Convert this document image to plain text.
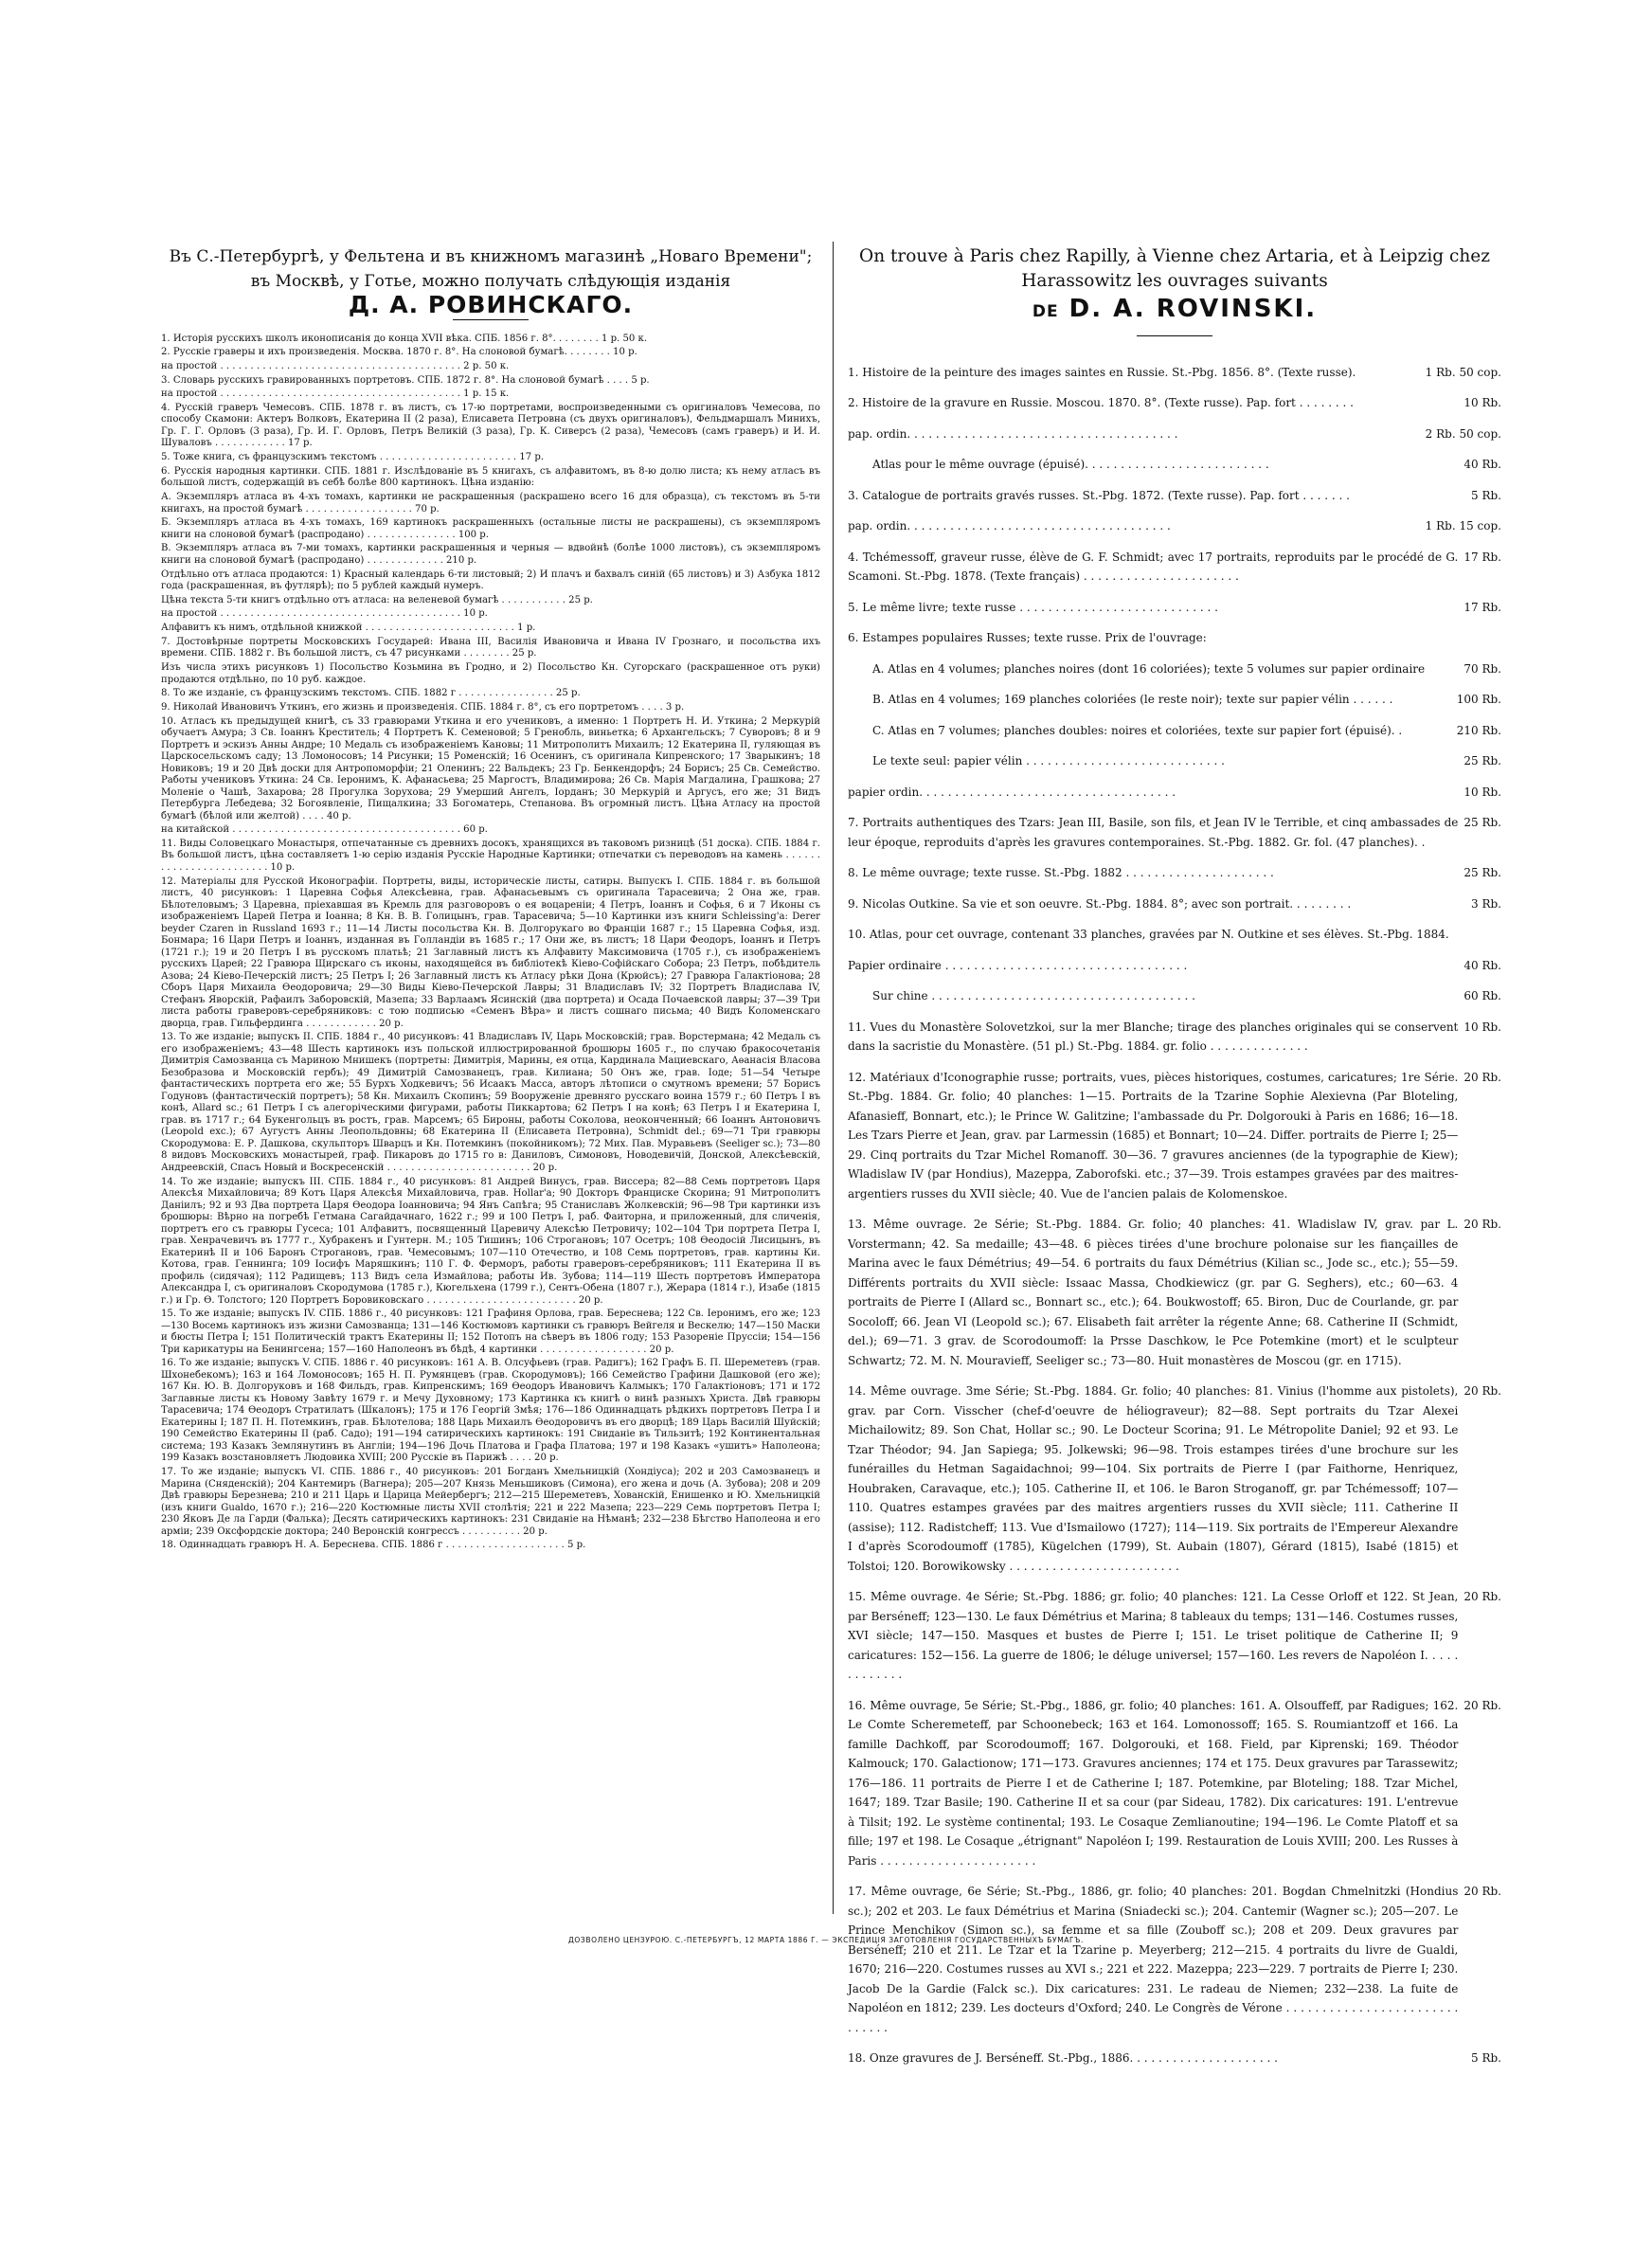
Въ С.-Петербургѣ, у Фельтена и въ книжномъ магазинѣ „Новаго Времени"; въ Москвѣ, у Готье, можно получать слѣдующія изданія

Д. А. РОВИНСКАГО.

1. Исторія русскихъ школъ иконописанія до конца XVII вѣка. СПБ. 1856 г. 8°. . . . . . . . 1 р. 50 к.

2. Русскіе граверы и ихъ произведенія. Москва. 1870 г. 8°. На слоновой бумагѣ. . . . . . . . 10 р.

на простой . . . . . . . . . . . . . . . . . . . . . . . . . . . . . . . . . . . . . . . . 2 р. 50 к.

3. Словарь русскихъ гравированныхъ портретовъ. СПБ. 1872 г. 8°. На слоновой бумагѣ . . . . 5 р.

на простой . . . . . . . . . . . . . . . . . . . . . . . . . . . . . . . . . . . . . . . . 1 р. 15 к.

4. Русскій граверъ Чемесовъ. СПБ. 1878 г. въ листъ, съ 17-ю портретами, воспроизведенными съ оригиналовъ Чемесова, по способу Скамони: Актеръ Волковъ, Екатерина II (2 раза), Елисавета Петровна (съ двухъ оригиналовъ), Фельдмаршалъ Минихъ, Гр. Г. Г. Орловъ (3 раза), Гр. И. Г. Орловъ, Петръ Великій (3 раза), Гр. К. Сиверсъ (2 раза), Чемесовъ (самъ граверъ) и И. И. Шуваловъ . . . . . . . . . . . . 17 р.

5. Тоже книга, съ французскимъ текстомъ . . . . . . . . . . . . . . . . . . . . . . . 17 р.

6. Русскія народныя картинки. СПБ. 1881 г. Изслѣдованіе въ 5 книгахъ, съ алфавитомъ, въ 8-ю долю листа; къ нему атласъ въ большой листъ, содержащій въ себѣ болѣе 800 картинокъ. Цѣна изданію:

А. Экземпляръ атласа въ 4-хъ томахъ, картинки не раскрашенныя (раскрашено всего 16 для образца), съ текстомъ въ 5-ти книгахъ, на простой бумагѣ . . . . . . . . . . . . . . . . . . 70 р.

Б. Экземпляръ атласа въ 4-хъ томахъ, 169 картинокъ раскрашенныхъ (остальные листы не раскрашены), съ экземпляромъ книги на слоновой бумагѣ (распродано) . . . . . . . . . . . . . . . 100 р.

В. Экземпляръ атласа въ 7-ми томахъ, картинки раскрашенныя и черныя — вдвойнѣ (болѣе 1000 листовъ), съ экземпляромъ книги на слоновой бумагѣ (распродано) . . . . . . . . . . . . . 210 р.

Отдѣльно отъ атласа продаются: 1) Красный календарь 6-ти листовый; 2) И плачъ и бахвалъ синій (65 листовъ) и 3) Азбука 1812 года (раскрашенная, въ футлярѣ); по 5 рублей каждый нумеръ.

Цѣна текста 5-ти книгъ отдѣльно отъ атласа: на веленевой бумагѣ . . . . . . . . . . . 25 р.

на простой . . . . . . . . . . . . . . . . . . . . . . . . . . . . . . . . . . . . . . . . 10 р.

Алфавитъ къ нимъ, отдѣльной книжкой . . . . . . . . . . . . . . . . . . . . . . . . . 1 р.

7. Достовѣрные портреты Московскихъ Государей: Ивана III, Василія Ивановича и Ивана IV Грознаго, и посольства ихъ времени. СПБ. 1882 г. Въ большой листъ, съ 47 рисунками . . . . . . . . 25 р.

Изъ числа этихъ рисунковъ 1) Посольство Козьмина въ Гродно, и 2) Посольство Кн. Сугорскаго (раскрашенное отъ руки) продаются отдѣльно, по 10 руб. каждое.

8. То же изданіе, съ французскимъ текстомъ. СПБ. 1882 г . . . . . . . . . . . . . . . . 25 р.

9. Николай Ивановичъ Уткинъ, его жизнь и произведенія. СПБ. 1884 г. 8°, съ его портретомъ . . . . 3 р.

10. Атласъ къ предыдущей книгѣ, съ 33 гравюрами Уткина и его учениковъ, а именно: 1 Портретъ Н. И. Уткина; 2 Меркурій обучаетъ Амура; 3 Св. Іоаннъ Креститель; 4 Портретъ К. Семеновой; 5 Гренобль, виньетка; 6 Архангельскъ; 7 Суворовъ; 8 и 9 Портретъ и эскизъ Анны Андре; 10 Медаль съ изображеніемъ Кановы; 11 Митрополитъ Михаилъ; 12 Екатерина II, гуляющая въ Царскосельскомъ саду; 13 Ломоносовъ; 14 Рисунки; 15 Роменскій; 16 Осенинъ, съ оригинала Кипренского; 17 Зварыкинъ; 18 Новиковъ; 19 и 20 Двѣ доски для Антропоморфіи; 21 Оленинъ; 22 Вальдекъ; 23 Гр. Бенкендорфъ; 24 Борисъ; 25 Св. Семейство. Работы учениковъ Уткина: 24 Св. Іеронимъ, К. Афанасьева; 25 Маргостъ, Владимирова; 26 Св. Марія Магдалина, Грашкова; 27 Моленіе о Чашѣ, Захарова; 28 Прогулка Зорухова; 29 Умерший Ангелъ, Іорданъ; 30 Меркурій и Аргусъ, его же; 31 Видъ Петербурга Лебедева; 32 Богоявленіе, Пищалкина; 33 Богоматерь, Степанова. Въ огромный листъ. Цѣна Атласу на простой бумагѣ (бѣлой или желтой) . . . . 40 р.

на китайской . . . . . . . . . . . . . . . . . . . . . . . . . . . . . . . . . . . . . . 60 р.

11. Виды Соловецкаго Монастыря, отпечатанные съ древнихъ досокъ, хранящихся въ таковомъ ризницѣ (51 доска). СПБ. 1884 г. Въ большой листъ, цѣна составляетъ 1-ю серію изданія Русскіе Народные Картинки; отпечатки съ переводовъ на камень . . . . . . . . . . . . . . . . . . . . . . . . 10 р.

12. Матеріалы для Русской Иконографіи. Портреты, виды, историческіе листы, сатиры. Выпускъ I. СПБ. 1884 г. въ большой листъ, 40 рисунковъ: 1 Царевна Софья Алексѣевна, грав. Афанасьевымъ съ оригинала Тарасевича; 2 Она же, грав. Бѣлотеловымъ; 3 Царевна, пріехавшая въ Кремль для разговоровъ о ея воцареніи; 4 Петръ, Іоаннъ и Софья, 6 и 7 Иконы съ изображеніемъ Царей Петра и Іоанна; 8 Кн. В. В. Голицынъ, грав. Тарасевича; 5—10 Картинки изъ книги Schleissing'a: Derer beyder Czaren in Russland 1693 г.; 11—14 Листы посольства Кн. В. Долгорукаго во Франціи 1687 г.; 15 Царевна Софья, изд. Бонмара; 16 Цари Петръ и Іоаннъ, изданная въ Голландіи въ 1685 г.; 17 Они же, въ листъ; 18 Цари Феодоръ, Іоаннъ и Петръ (1721 г.); 19 и 20 Петръ I въ русскомъ платьѣ; 21 Заглавный листъ къ Алфавиту Максимовича (1705 г.), съ изображеніемъ русскихъ Царей; 22 Гравюра Щирскаго съ иконы, находящейся въ библіотекѣ Кіево-Софійскаго Собора; 23 Петръ, побѣдитель Азова; 24 Кіево-Печерскій листъ; 25 Петръ I; 26 Заглавный листъ къ Атласу рѣки Дона (Крюйсъ); 27 Гравюра Галактіонова; 28 Сборъ Царя Михаила Ѳеодоровича; 29—30 Виды Кіево-Печерской Лавры; 31 Владиславъ IV; 32 Портретъ Владислава IV, Стефанъ Яворскій, Рафаилъ Заборовскій, Мазепа; 33 Варлаамъ Ясинскій (два портрета) и Осада Почаевской лавры; 37—39 Три листа работы граверовъ-серебряниковъ: с тою подписью «Семенъ Вѣра» и листъ сошнаго письма; 40 Видъ Коломенскаго дворца, грав. Гильфердинга . . . . . . . . . . . . 20 р.

13. То же изданіе; выпускъ II. СПБ. 1884 г., 40 рисунковъ: 41 Владиславъ IV, Царь Московскій; грав. Ворстермана; 42 Медаль съ его изображеніемъ; 43—48 Шесть картинокъ изъ польской иллюстрированной брошюры 1605 г., по случаю бракосочетанія Димитрія Самозванца съ Мариною Мнишекъ (портреты: Димитрія, Марины, ея отца, Кардинала Мациевскаго, Аѳанасія Власова Безобразова и Московскій гербъ); 49 Димитрій Самозванецъ, грав. Килиана; 50 Онъ же, грав. Іоде; 51—54 Четыре фантастическихъ портрета его же; 55 Бурхъ Ходкевичъ; 56 Исаакъ Масса, авторъ лѣтописи о смутномъ времени; 57 Борисъ Годуновъ (фантастическій портретъ); 58 Кн. Михаилъ Скопинъ; 59 Вооруженіе древняго русскаго воина 1579 г.; 60 Петръ I въ конѣ, Allard sc.; 61 Петръ I съ алегоріческими фигурами, работы Пиккартова; 62 Петръ I на конѣ; 63 Петръ I и Екатерина I, грав. въ 1717 г.; 64 Букенгольцъ въ ростъ, грав. Марсемъ; 65 Бироны, работы Соколова, неоконченный; 66 Іоаннъ Антоновичъ (Leopold exc.); 67 Аугустъ Анны Леопольдовны; 68 Екатерина II (Елисавета Петровна), Schmidt del.; 69—71 Три гравюры Скородумова: Е. Р. Дашкова, скульпторъ Шварцъ и Кн. Потемкинъ (покойникомъ); 72 Мих. Пав. Муравьевъ (Seeliger sc.); 73—80 8 видовъ Московскихъ монастырей, граф. Пикаровъ до 1715 го в: Даниловъ, Симоновъ, Новодевичій, Донской, Алексѣевскій, Андреевскій, Спасъ Новый и Воскресенскій . . . . . . . . . . . . . . . . . . . . . . . . 20 р.

14. То же изданіе; выпускъ III. СПБ. 1884 г., 40 рисунковъ: 81 Андрей Винусъ, грав. Виссера; 82—88 Семь портретовъ Царя Алексѣя Михайловича; 89 Котъ Царя Алексѣя Михайловича, грав. Hollar'a; 90 Докторъ Франциске Скорина; 91 Митрополитъ Даніилъ; 92 и 93 Два портрета Царя Ѳеодора Іоанновича; 94 Янъ Сапѣга; 95 Станиславъ Жолкевскій; 96—98 Три картинки изъ брошюры: Вѣрно на погребѣ Гетмана Сагайдачнаго, 1622 г.; 99 и 100 Петръ I, раб. Фаиторна, и приложенный, для сличенія, портретъ его съ гравюры Гусеса; 101 Алфавитъ, посвященный Царевичу Алексѣю Петровичу; 102—104 Три портрета Петра I, грав. Хенрачевичъ въ 1777 г., Хубракенъ и Гунтерн. М.; 105 Тишинъ; 106 Строгановъ; 107 Осетръ; 108 Ѳеодосій Лисицынъ, въ Екатеринѣ II и 106 Баронъ Строгановъ, грав. Чемесовымъ; 107—110 Отечество, и 108 Семь портретовъ, грав. картины Ки. Котова, грав. Геннинга; 109 Іосифъ Маряшкинъ; 110 Г. Ф. Ферморъ, работы граверовъ-серебряниковъ; 111 Екатерина II въ профиль (сидячая); 112 Радищевъ; 113 Видъ села Измайлова; работы Ив. Зубова; 114—119 Шесть портретовъ Императора Александра I, съ оригиналовъ Скородумова (1785 г.), Кюгельхена (1799 г.), Сентъ-Обена (1807 г.), Жерара (1814 г.), Изабе (1815 г.) и Гр. Ѳ. Толстого; 120 Портретъ Боровиковскаго . . . . . . . . . . . . . . . . . . . . . . . . . 20 р.

15. То же изданіе; выпускъ IV. СПБ. 1886 г., 40 рисунковъ: 121 Графиня Орлова, грав. Береснева; 122 Св. Іеронимъ, его же; 123—130 Восемь картинокъ изъ жизни Самозванца; 131—146 Костюмовъ картинки съ гравюръ Вейгеля и Вескелю; 147—150 Маски и бюсты Петра I; 151 Политическій трактъ Екатерины II; 152 Потопъ на сѣверъ въ 1806 году; 153 Разореніе Пруссіи; 154—156 Три карикатуры на Бенингсена; 157—160 Наполеонъ въ бѣдѣ, 4 картинки . . . . . . . . . . . . . . . . . . 20 р.

16. То же изданіе; выпускъ V. СПБ. 1886 г. 40 рисунковъ: 161 А. В. Олсуфьевъ (грав. Радигъ); 162 Графъ Б. П. Шереметевъ (грав. Шхонебекомъ); 163 и 164 Ломоносовъ; 165 Н. П. Румянцевъ (грав. Скородумовъ); 166 Семейство Графини Дашковой (его же); 167 Кн. Ю. В. Долгоруковъ и 168 Фильдъ, грав. Кипренскимъ; 169 Ѳеодоръ Ивановичъ Калмыкъ; 170 Галактіоновъ; 171 и 172 Заглавные листы къ Новому Завѣту 1679 г. и Мечу Духовному; 173 Картинка къ книгѣ о винѣ разныхъ Христа. Двѣ гравюры Тарасевича; 174 Ѳеодоръ Стратилатъ (Шкалонъ); 175 и 176 Георгій Змѣя; 176—186 Одиннадцать рѣдкихъ портретовъ Петра I и Екатерины I; 187 П. Н. Потемкинъ, грав. Бѣлотелова; 188 Царь Михаилъ Ѳеодоровичъ въ его дворцѣ; 189 Царь Василій Шуйскій; 190 Семейство Екатерины II (раб. Садо); 191—194 сатирическихъ картинокъ: 191 Свиданіе въ Тильзитѣ; 192 Континентальная система; 193 Казакъ Землянутинъ въ Англіи; 194—196 Дочь Платова и Графа Платова; 197 и 198 Казакъ «ушитъ» Наполеона; 199 Казакъ возстановляетъ Людовика XVIII; 200 Русскіе въ Парижѣ . . . . 20 р.

17. То же изданіе; выпускъ VI. СПБ. 1886 г., 40 рисунковъ: 201 Богданъ Хмельницкій (Хондіуса); 202 и 203 Самозванецъ и Марина (Сняденскій); 204 Кантемиръ (Вагнера); 205—207 Князь Меньшиковъ (Симона), его жена и дочь (А. Зубова); 208 и 209 Двѣ гравюры Березнева; 210 и 211 Царь и Царица Мейербергъ; 212—215 Шереметевъ, Хованскій, Енишенко и Ю. Хмельницкій (изъ книги Gualdo, 1670 г.); 216—220 Костюмные листы XVII столѣтія; 221 и 222 Мазепа; 223—229 Семь портретовъ Петра I; 230 Яковъ Де ла Гарди (Фалька); Десять сатирическихъ картинокъ: 231 Свиданіе на Нѣманѣ; 232—238 Бѣгство Наполеона и его арміи; 239 Оксфордскіе доктора; 240 Веронскій конгрессъ . . . . . . . . . . 20 р.

18. Одиннадцать гравюръ Н. А. Береснева. СПБ. 1886 г . . . . . . . . . . . . . . . . . . . . 5 р.

On trouve à Paris chez Rapilly, à Vienne chez Artaria, et à Leipzig chez Harassowitz les ouvrages suivants

DE D. A. ROVINSKI.

1. Histoire de la peinture des images saintes en Russie. St.-Pbg. 1856. 8°. (Texte russe).	1 Rb. 50 cop.
2. Histoire de la gravure en Russie. Moscou. 1870. 8°. (Texte russe). Pap. fort . . . . . . . .	10 Rb.
pap. ordin. . . . . . . . . . . . . . . . . . . . . . . . . . . . . . . . . . . . . .	2 Rb. 50 cop.
Atlas pour le même ouvrage (épuisé). . . . . . . . . . . . . . . . . . . . . . . . . .	40 Rb.
3. Catalogue de portraits gravés russes. St.-Pbg. 1872. (Texte russe). Pap. fort . . . . . . .	5 Rb.
pap. ordin. . . . . . . . . . . . . . . . . . . . . . . . . . . . . . . . . . . . .	1 Rb. 15 cop.
4. Tchémessoff, graveur russe, élève de G. F. Schmidt; avec 17 portraits, reproduits par le procédé de G. Scamoni. St.-Pbg. 1878. (Texte français) . . . . . . . . . . . . . . . . . . . . . .
17 Rb.
5. Le même livre; texte russe . . . . . . . . . . . . . . . . . . . . . . . . . . . .	17 Rb.
6. Estampes populaires Russes; texte russe. Prix de l'ouvrage:
A. Atlas en 4 volumes; planches noires (dont 16 coloriées); texte 5 volumes sur papier ordinaire	70 Rb.
B. Atlas en 4 volumes; 169 planches coloriées (le reste noir); texte sur papier vélin . . . . . .	100 Rb.
C. Atlas en 7 volumes; planches doubles: noires et coloriées, texte sur papier fort (épuisé). .	210 Rb.
Le texte seul: papier vélin . . . . . . . . . . . . . . . . . . . . . . . . . . . .	25 Rb.
papier ordin. . . . . . . . . . . . . . . . . . . . . . . . . . . . . . . . . . . .	10 Rb.
7. Portraits authentiques des Tzars: Jean III, Basile, son fils, et Jean IV le Terrible, et cinq ambassades de leur époque, reproduits d'après les gravures contemporaines. St.-Pbg. 1882. Gr. fol. (47 planches). .
25 Rb.
8. Le même ouvrage; texte russe. St.-Pbg. 1882 . . . . . . . . . . . . . . . . . . . . .	25 Rb.
9. Nicolas Outkine. Sa vie et son oeuvre. St.-Pbg. 1884. 8°; avec son portrait. . . . . . . . .	3 Rb.
10. Atlas, pour cet ouvrage, contenant 33 planches, gravées par N. Outkine et ses élèves. St.-Pbg. 1884.
Papier ordinaire . . . . . . . . . . . . . . . . . . . . . . . . . . . . . . . . . .	40 Rb.
Sur chine . . . . . . . . . . . . . . . . . . . . . . . . . . . . . . . . . . . . .	60 Rb.
11. Vues du Monastère Solovetzkoi, sur la mer Blanche; tirage des planches originales qui se conservent dans la sacristie du Monastère. (51 pl.) St.-Pbg. 1884. gr. folio . . . . . . . . . . . . . .
10 Rb.
12. Matériaux d'Iconographie russe; portraits, vues, pièces historiques, costumes, caricatures; 1re Série. St.-Pbg. 1884. Gr. folio; 40 planches: 1—15. Portraits de la Tzarine Sophie Alexievna (Par Bloteling, Afanasieff, Bonnart, etc.); le Prince W. Galitzine; l'ambassade du Pr. Dolgorouki à Paris en 1686; 16—18. Les Tzars Pierre et Jean, grav. par Larmessin (1685) et Bonnart; 10—24. Differ. portraits de Pierre I; 25—29. Cinq portraits du Tzar Michel Romanoff. 30—36. 7 gravures anciennes (de la typographie de Kiew); Wladislaw IV (par Hondius), Mazeppa, Zaborofski. etc.; 37—39. Trois estampes gravées par des maitres-argentiers russes du XVII siècle; 40. Vue de l'ancien palais de Kolomenskoe.
20 Rb.
13. Même ouvrage. 2e Série; St.-Pbg. 1884. Gr. folio; 40 planches: 41. Wladislaw IV, grav. par L. Vorstermann; 42. Sa medaille; 43—48. 6 pièces tirées d'une brochure polonaise sur les fiançailles de Marina avec le faux Démétrius; 49—54. 6 portraits du faux Démétrius (Kilian sc., Jode sc., etc.); 55—59. Différents portraits du XVII siècle: Issaac Massa, Chodkiewicz (gr. par G. Seghers), etc.; 60—63. 4 portraits de Pierre I (Allard sc., Bonnart sc., etc.); 64. Boukwostoff; 65. Biron, Duc de Courlande, gr. par Socoloff; 66. Jean VI (Leopold sc.); 67. Elisabeth fait arrêter la régente Anne; 68. Catherine II (Schmidt, del.); 69—71. 3 grav. de Scorodoumoff: la Prsse Daschkow, le Pce Potemkine (mort) et le sculpteur Schwartz; 72. M. N. Mouravieff, Seeliger sc.; 73—80. Huit monastères de Moscou (gr. en 1715).
20 Rb.
14. Même ouvrage. 3me Série; St.-Pbg. 1884. Gr. folio; 40 planches: 81. Vinius (l'homme aux pistolets), grav. par Corn. Visscher (chef-d'oeuvre de héliograveur); 82—88. Sept portraits du Tzar Alexei Michailowitz; 89. Son Chat, Hollar sc.; 90. Le Docteur Scorina; 91. Le Métropolite Daniel; 92 et 93. Le Tzar Théodor; 94. Jan Sapiega; 95. Jolkewski; 96—98. Trois estampes tirées d'une brochure sur les funérailles du Hetman Sagaidachnoi; 99—104. Six portraits de Pierre I (par Faithorne, Henriquez, Houbraken, Caravaque, etc.); 105. Catherine II, et 106. le Baron Stroganoff, gr. par Tchémessoff; 107—110. Quatres estampes gravées par des maitres argentiers russes du XVII siècle; 111. Catherine II (assise); 112. Radistcheff; 113. Vue d'Ismailowo (1727); 114—119. Six portraits de l'Empereur Alexandre I d'après Scorodoumoff (1785), Kügelchen (1799), St. Aubain (1807), Gérard (1815), Isabé (1815) et Tolstoi; 120. Borowikowsky . . . . . . . . . . . . . . . . . . . . . . . .
20 Rb.
15. Même ouvrage. 4e Série; St.-Pbg. 1886; gr. folio; 40 planches: 121. La Cesse Orloff et 122. St Jean, par Berséneff; 123—130. Le faux Démétrius et Marina; 8 tableaux du temps; 131—146. Costumes russes, XVI siècle; 147—150. Masques et bustes de Pierre I; 151. Le triset politique de Catherine II; 9 caricatures: 152—156. La guerre de 1806; le déluge universel; 157—160. Les revers de Napoléon I. . . . . . . . . . . . .
20 Rb.
16. Même ouvrage, 5e Série; St.-Pbg., 1886, gr. folio; 40 planches: 161. A. Olsouffeff, par Radigues; 162. Le Comte Scheremeteff, par Schoonebeck; 163 et 164. Lomonossoff; 165. S. Roumiantzoff et 166. La famille Dachkoff, par Scorodoumoff; 167. Dolgorouki, et 168. Field, par Kiprenski; 169. Théodor Kalmouck; 170. Galactionow; 171—173. Gravures anciennes; 174 et 175. Deux gravures par Tarassewitz; 176—186. 11 portraits de Pierre I et de Catherine I; 187. Potemkine, par Bloteling; 188. Tzar Michel, 1647; 189. Tzar Basile; 190. Catherine II et sa cour (par Sideau, 1782). Dix caricatures: 191. L'entrevue à Tilsit; 192. Le système continental; 193. Le Cosaque Zemlianoutine; 194—196. Le Comte Platoff et sa fille; 197 et 198. Le Cosaque „étrignant" Napoléon I; 199. Restauration de Louis XVIII; 200. Les Russes à Paris . . . . . . . . . . . . . . . . . . . . . .
20 Rb.
17. Même ouvrage, 6e Série; St.-Pbg., 1886, gr. folio; 40 planches: 201. Bogdan Chmelnitzki (Hondius sc.); 202 et 203. Le faux Démétrius et Marina (Sniadecki sc.); 204. Cantemir (Wagner sc.); 205—207. Le Prince Menchikov (Simon sc.), sa femme et sa fille (Zouboff sc.); 208 et 209. Deux gravures par Berséneff; 210 et 211. Le Tzar et la Tzarine p. Meyerberg; 212—215. 4 portraits du livre de Gualdi, 1670; 216—220. Costumes russes au XVI s.; 221 et 222. Mazeppa; 223—229. 7 portraits de Pierre I; 230. Jacob De la Gardie (Falck sc.). Dix caricatures: 231. Le radeau de Niemen; 232—238. La fuite de Napoléon en 1812; 239. Les docteurs d'Oxford; 240. Le Congrès de Vérone . . . . . . . . . . . . . . . . . . . . . . . . . . . . . .
20 Rb.
18. Onze gravures de J. Berséneff. St.-Pbg., 1886. . . . . . . . . . . . . . . . . . . . .	5 Rb.
ДОЗВОЛЕНО ЦЕНЗУРОЮ. С.-ПЕТЕРБУРГЪ, 12 МАРТА 1886 Г. — ЭКСПЕДИЦІЯ ЗАГОТОВЛЕНІЯ ГОСУДАРСТВЕННЫХЪ БУМАГЪ.
